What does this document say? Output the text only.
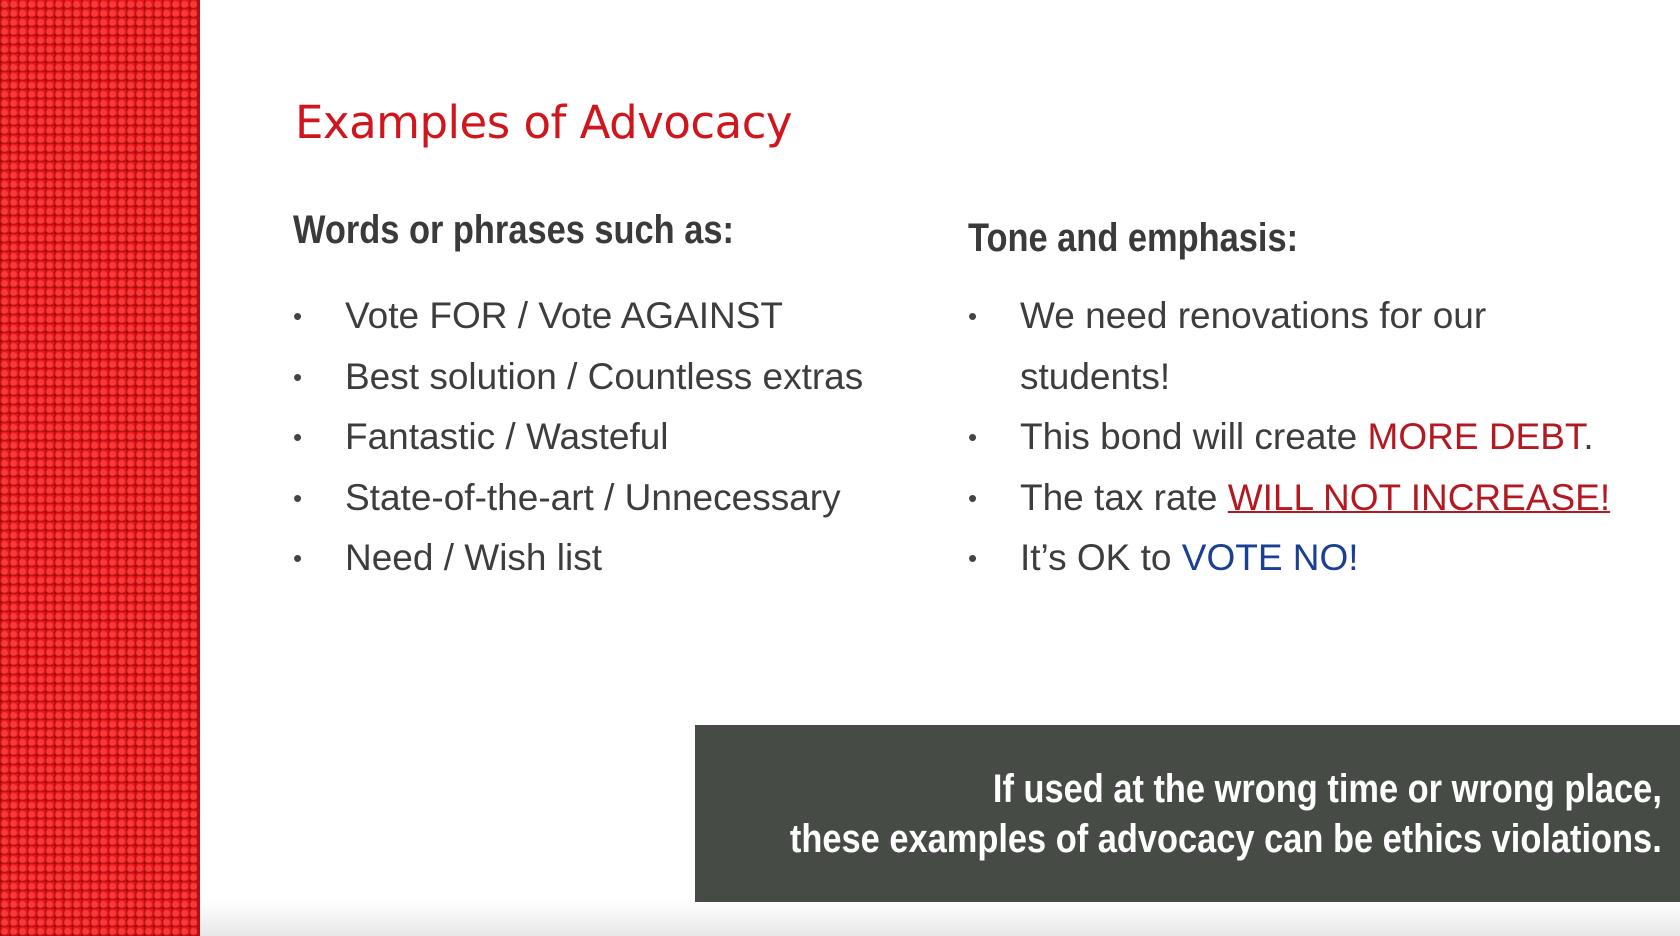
Examples of Advocacy
Words or phrases such as:
• Vote FOR / Vote AGAINST
• Best solution / Countless extras
• Fantastic / Wasteful
• State-of-the-art / Unnecessary
• Need / Wish list
Tone and emphasis:
• We need renovations for our
students!
• This bond will create MORE DEBT.
• The tax rate WILL NOT INCREASE!
• It’s OK to VOTE NO!
If used at the wrong time or wrong place,
these examples of advocacy can be ethics violations.
